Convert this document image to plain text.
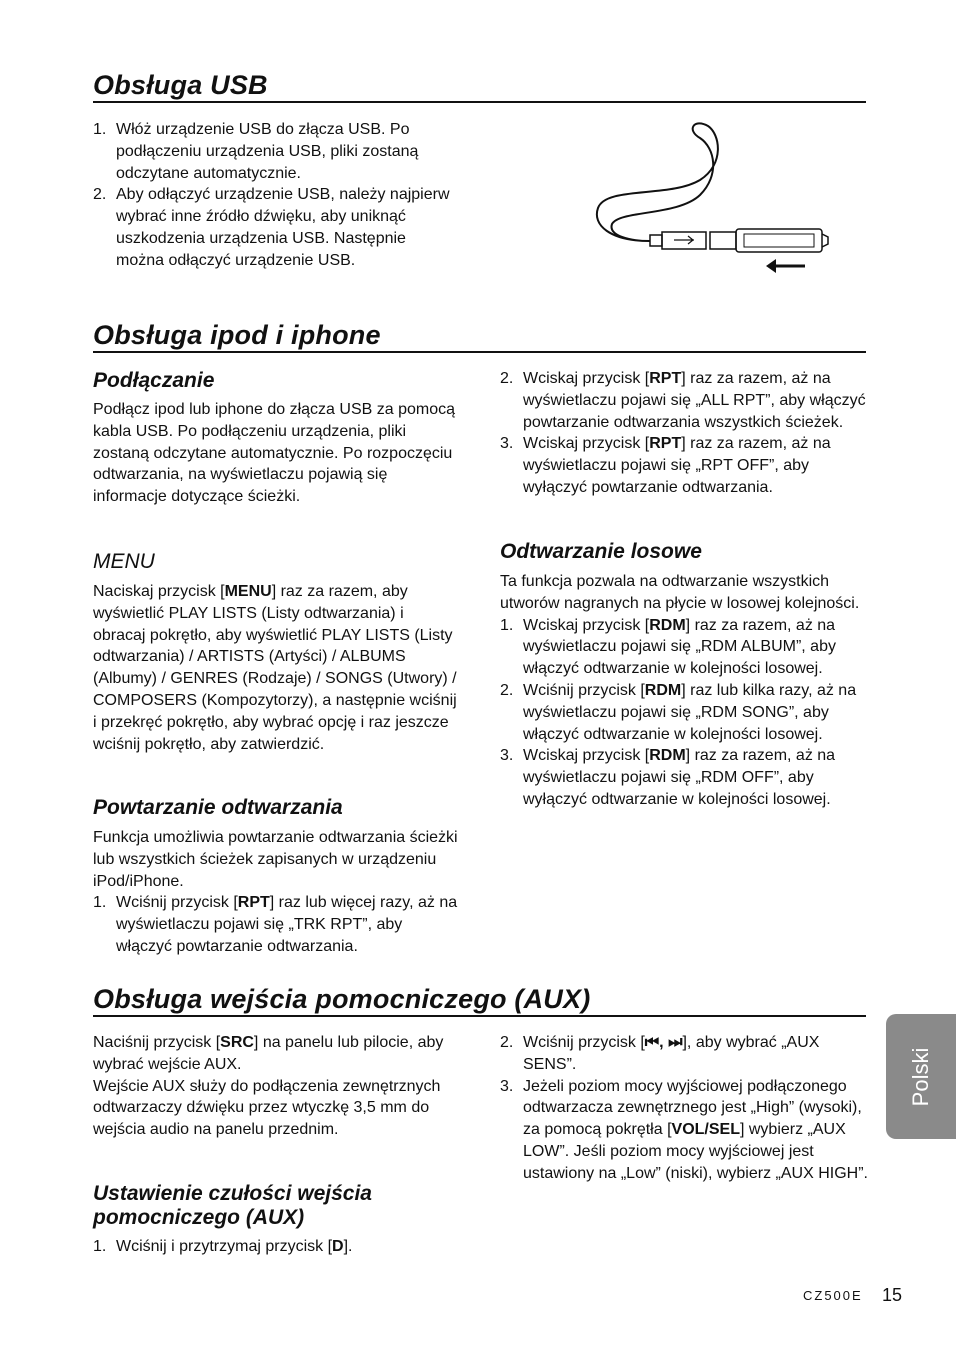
Obsługa USB
1. Włóż urządzenie USB do złącza USB. Po podłączeniu urządzenia USB, pliki zostaną odczytane automatycznie.
2. Aby odłączyć urządzenie USB, należy najpierw wybrać inne źródło dźwięku, aby uniknąć uszkodzenia urządzenia USB. Następnie można odłączyć urządzenie USB.
Obsługa ipod i iphone
Podłączanie

Podłącz ipod lub iphone do złącza USB za pomocą kabla USB. Po podłączeniu urządzenia, pliki zostaną odczytane automatycznie. Po rozpoczęciu odtwarzania, na wyświetlaczu pojawią się informacje dotyczące ścieżki.

MENU

Naciskaj przycisk [MENU] raz za razem, aby wyświetlić PLAY LISTS (Listy odtwarzania) i obracaj pokrętło, aby wyświetlić PLAY LISTS (Listy odtwarzania) / ARTISTS (Artyści) / ALBUMS (Albumy) / GENRES (Rodzaje) / SONGS (Utwory) / COMPOSERS (Kompozytorzy), a następnie wciśnij i przekręć pokrętło, aby wybrać opcję i raz jeszcze wciśnij pokrętło, aby zatwierdzić.

Powtarzanie odtwarzania

Funkcja umożliwia powtarzanie odtwarzania ścieżki lub wszystkich ścieżek zapisanych w urządzeniu iPod/iPhone.

1. Wciśnij przycisk [RPT] raz lub więcej razy, aż na wyświetlaczu pojawi się „TRK RPT”, aby włączyć powtarzanie odtwarzania.
2. Wciskaj przycisk [RPT] raz za razem, aż na wyświetlaczu pojawi się „ALL RPT”, aby włączyć powtarzanie odtwarzania wszystkich ścieżek.
3. Wciskaj przycisk [RPT] raz za razem, aż na wyświetlaczu pojawi się „RPT OFF”, aby wyłączyć powtarzanie odtwarzania.
Odtwarzanie losowe

Ta funkcja pozwala na odtwarzanie wszystkich utworów nagranych na płycie w losowej kolejności.

1. Wciskaj przycisk [RDM] raz za razem, aż na wyświetlaczu pojawi się „RDM ALBUM”, aby włączyć odtwarzanie w kolejności losowej.
2. Wciśnij przycisk [RDM] raz lub kilka razy, aż na wyświetlaczu pojawi się „RDM SONG”, aby włączyć odtwarzanie w kolejności losowej.
3. Wciskaj przycisk [RDM] raz za razem, aż na wyświetlaczu pojawi się „RDM OFF”, aby wyłączyć odtwarzanie w kolejności losowej.
Obsługa wejścia pomocniczego (AUX)

Naciśnij przycisk [SRC] na panelu lub pilocie, aby wybrać wejście AUX.

Wejście AUX służy do podłączenia zewnętrznych odtwarzaczy dźwięku przez wtyczkę 3,5 mm do wejścia audio na panelu przednim.

Ustawienie czułości wejścia pomocniczego (AUX)
1. Wciśnij i przytrzymaj przycisk [D].
2. Wciśnij przycisk [⏮, ⏭], aby wybrać „AUX SENS”.
3. Jeżeli poziom mocy wyjściowej podłączonego odtwarzacza zewnętrznego jest „High” (wysoki), za pomocą pokrętła [VOL/SEL] wybierz „AUX LOW”. Jeśli poziom mocy wyjściowej jest ustawiony na „Low” (niski), wybierz „AUX HIGH”.
Polski
CZ500E 15
